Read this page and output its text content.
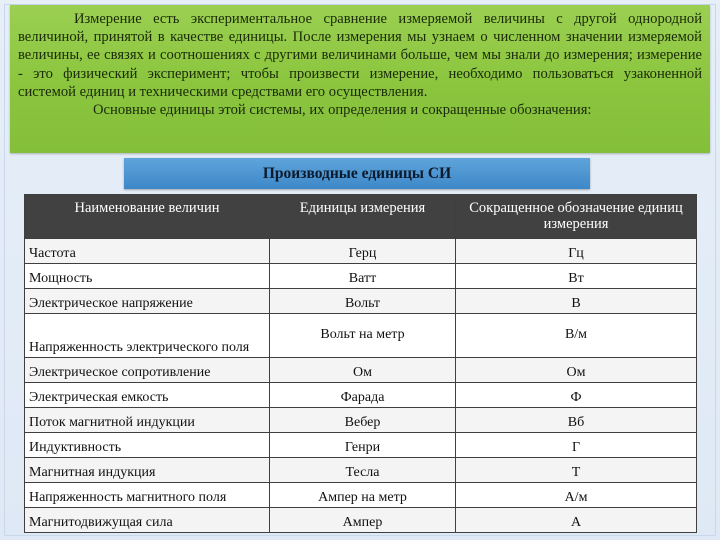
Измерение есть экспериментальное сравнение измеряемой величины с другой однородной величиной, принятой в качестве единицы. После измерения мы узнаем о численном значении измеряемой величины, ее связях и соотношениях с другими величинами больше, чем мы знали до измерения; измерение - это физический эксперимент; чтобы произвести измерение, необходимо пользоваться узаконенной системой единиц и техническими средствами его осуществления.

Основные единицы этой системы, их определения и сокращенные обозначения:

Производные единицы СИ
Наименование величин	Единицы измерения	Сокращенное обозначение единиц измерения
Частота	Герц	Гц
Мощность	Ватт	Вт
Электрическое напряжение	Вольт	В
Напряженность электрического поля	Вольт на метр	В/м
Электрическое сопротивление	Ом	Ом
Электрическая емкость	Фарада	Ф
Поток магнитной индукции	Вебер	Вб
Индуктивность	Генри	Г
Магнитная индукция	Тесла	Т
Напряженность магнитного поля	Ампер на метр	А/м
Магнитодвижущая сила	Ампер	А
